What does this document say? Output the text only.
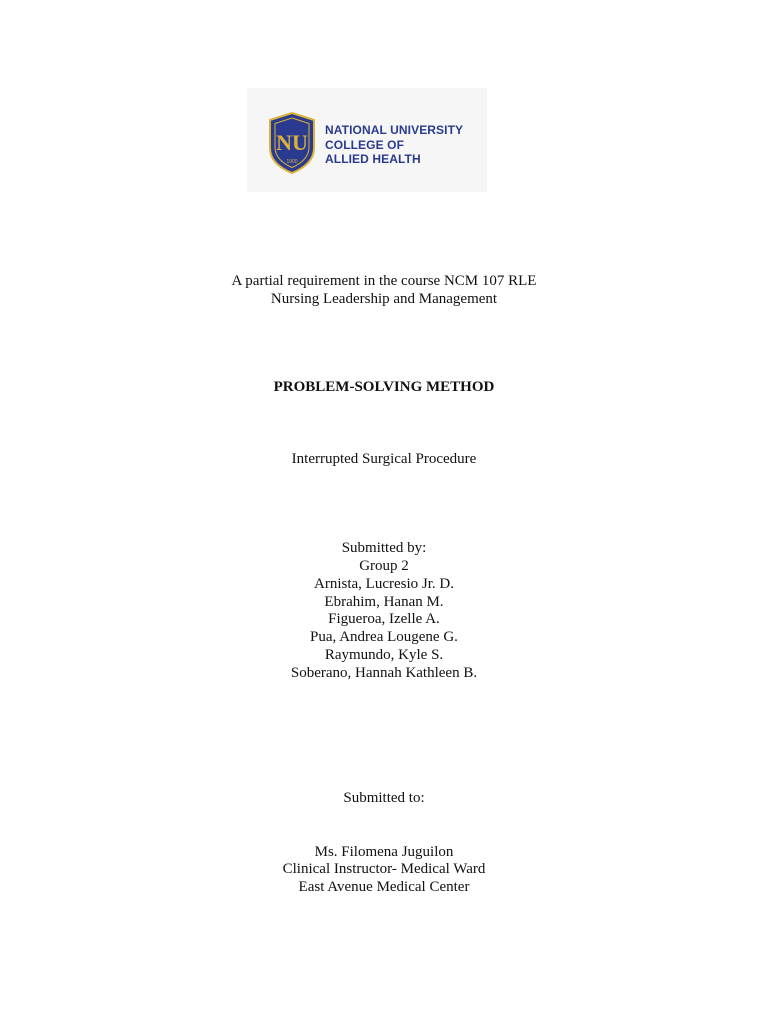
NU
1900
NATIONAL UNIVERSITY
COLLEGE OF
ALLIED HEALTH
A partial requirement in the course NCM 107 RLE
Nursing Leadership and Management
PROBLEM-SOLVING METHOD
Interrupted Surgical Procedure
Submitted by:
Group 2
Arnista, Lucresio Jr. D.
Ebrahim, Hanan M.
Figueroa, Izelle A.
Pua, Andrea Lougene G.
Raymundo, Kyle S.
Soberano, Hannah Kathleen B.
Submitted to:
Ms. Filomena Juguilon
Clinical Instructor- Medical Ward
East Avenue Medical Center
